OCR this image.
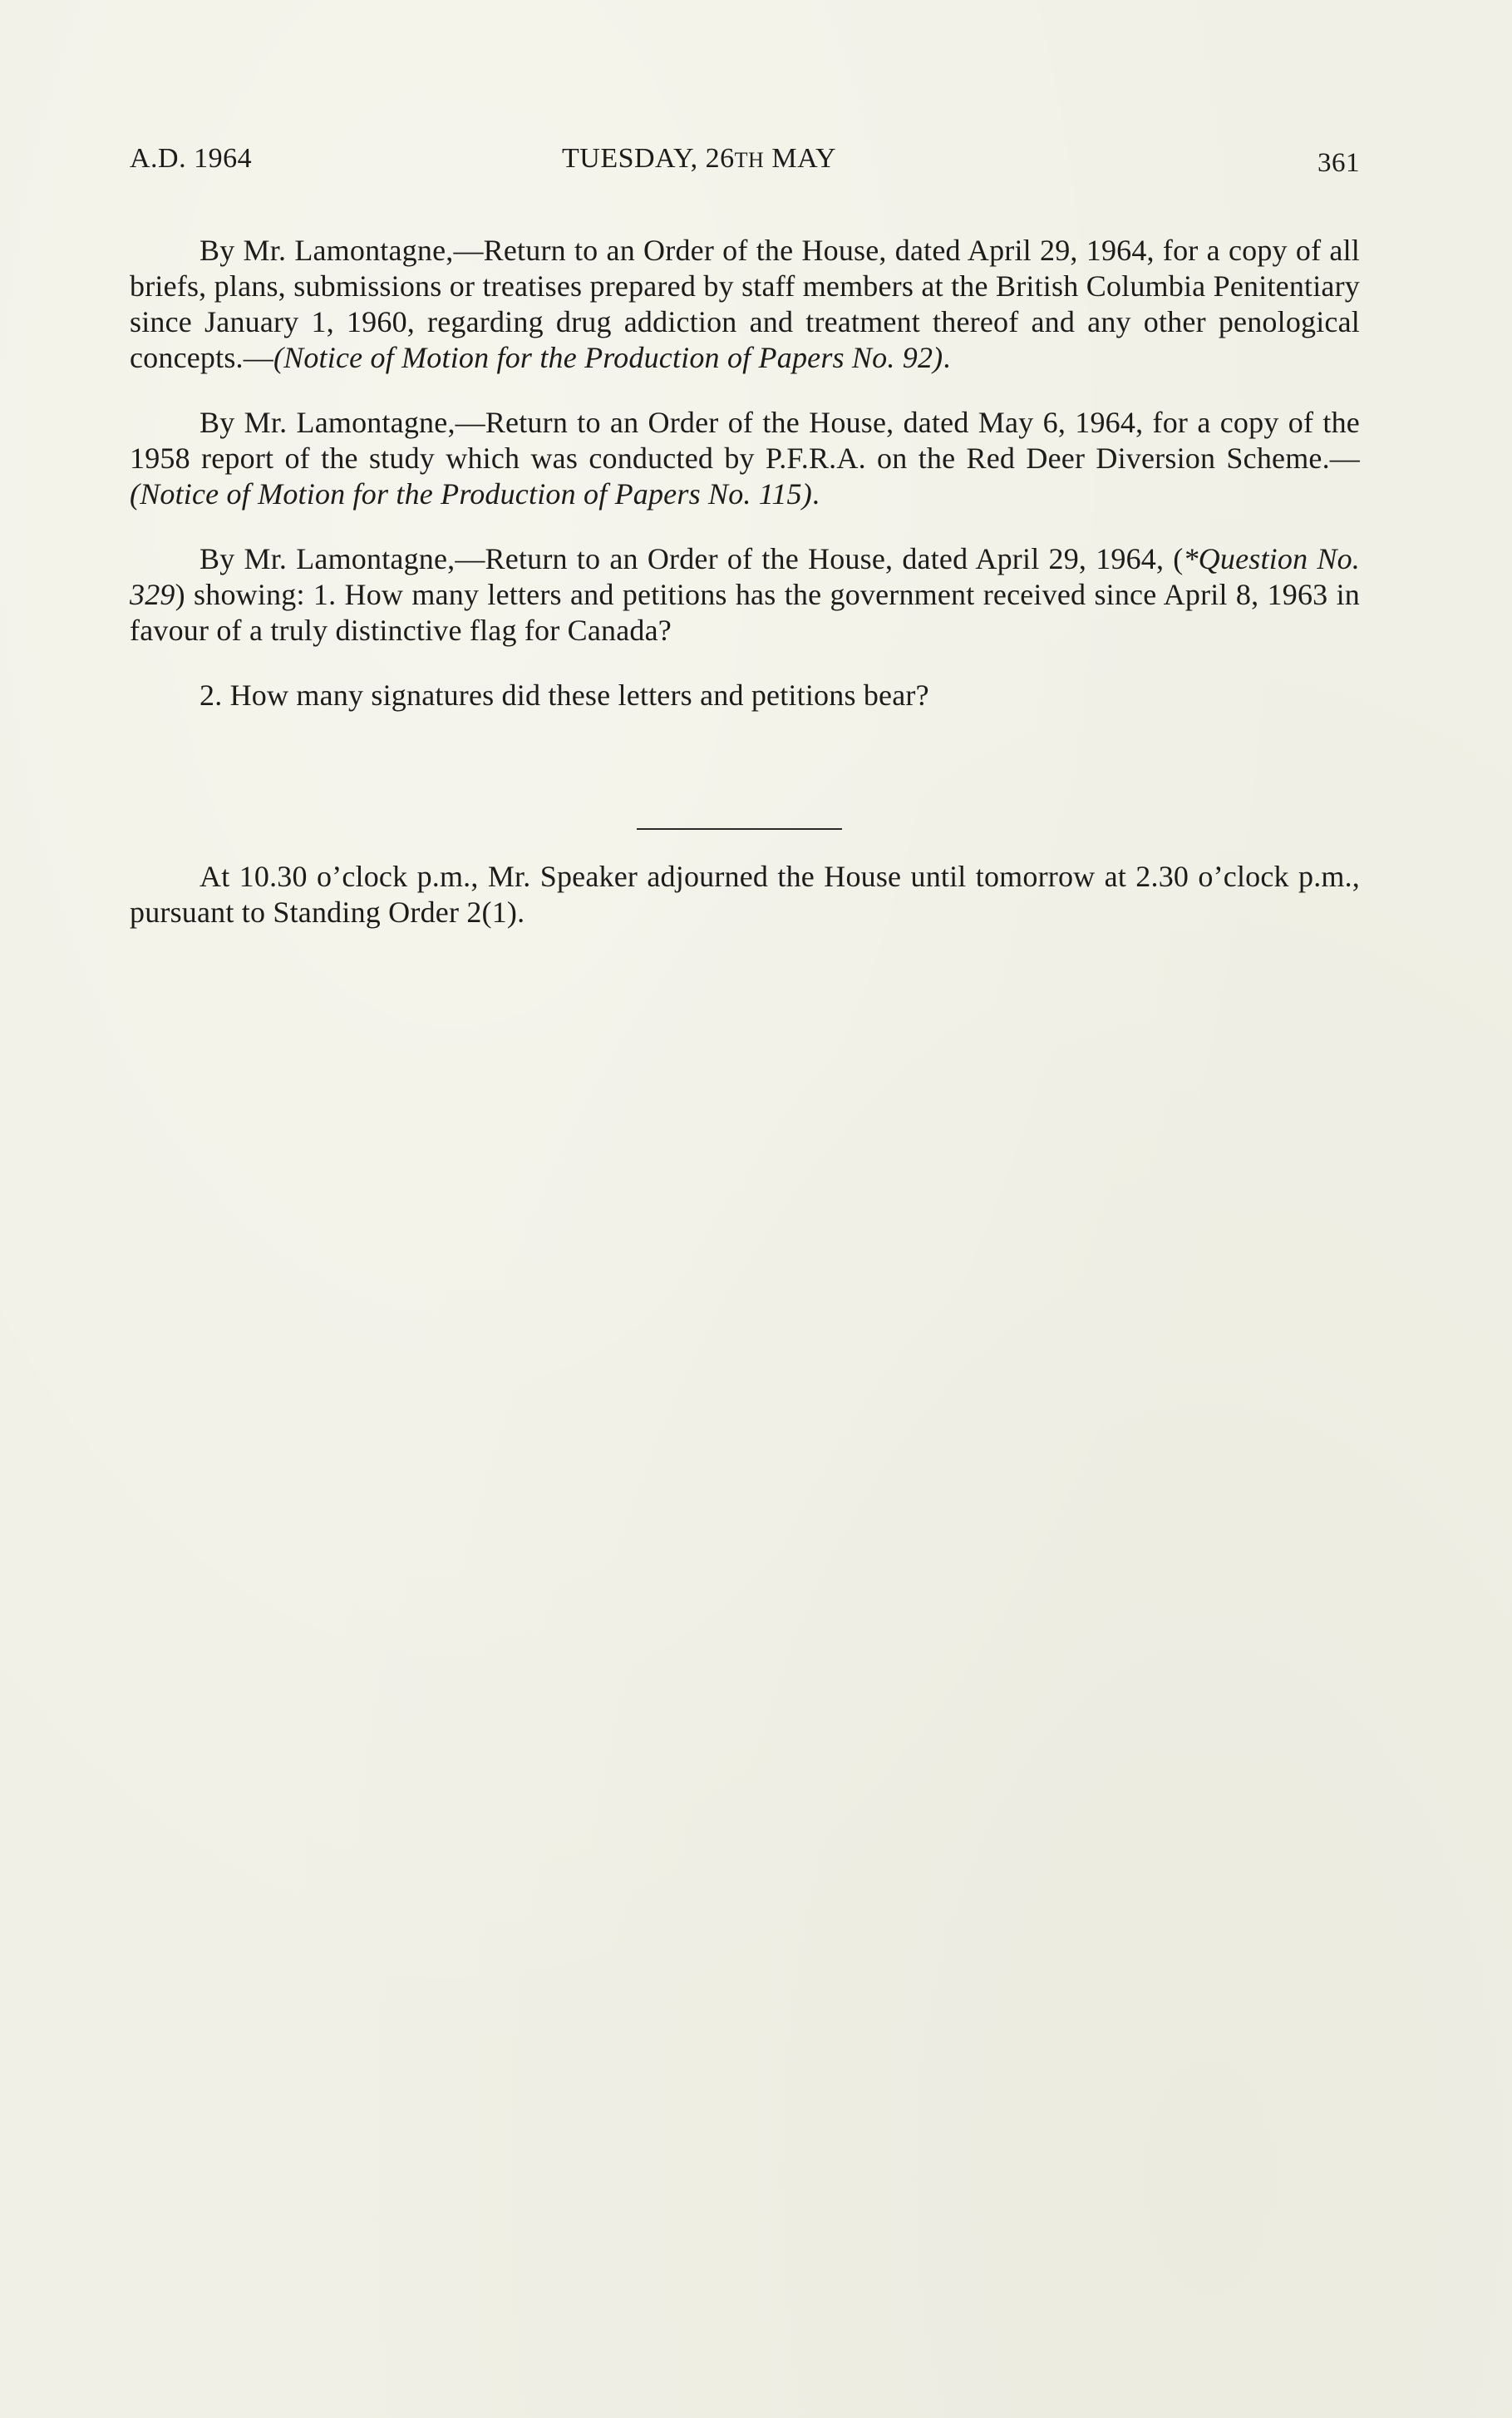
A.D. 1964	TUESDAY, 26TH MAY	361

By Mr. Lamontagne,—Return to an Order of the House, dated April 29, 1964, for a copy of all briefs, plans, submissions or treatises prepared by staff members at the British Columbia Penitentiary since January 1, 1960, regarding drug addiction and treatment thereof and any other penological concepts.—(Notice of Motion for the Production of Papers No. 92).

By Mr. Lamontagne,—Return to an Order of the House, dated May 6, 1964, for a copy of the 1958 report of the study which was conducted by P.F.R.A. on the Red Deer Diversion Scheme.—(Notice of Motion for the Production of Papers No. 115).

By Mr. Lamontagne,—Return to an Order of the House, dated April 29, 1964, (*Question No. 329) showing: 1. How many letters and petitions has the government received since April 8, 1963 in favour of a truly distinctive flag for Canada?

2. How many signatures did these letters and petitions bear?

At 10.30 o’clock p.m., Mr. Speaker adjourned the House until tomorrow at 2.30 o’clock p.m., pursuant to Standing Order 2(1).
